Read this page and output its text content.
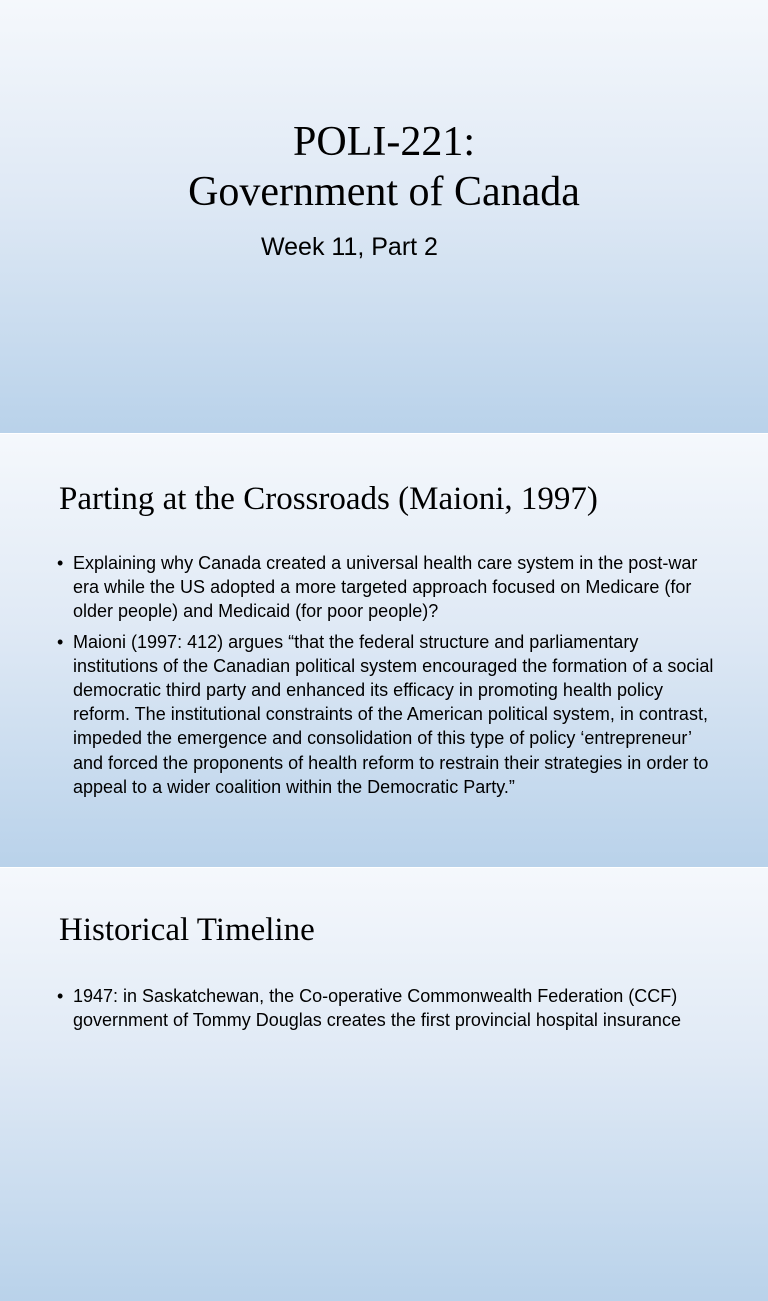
POLI-221:
Government of Canada
Week 11, Part 2
Parting at the Crossroads (Maioni, 1997)
• Explaining why Canada created a universal health care system in the post-war era while the US adopted a more targeted approach focused on Medicare (for older people) and Medicaid (for poor people)?
• Maioni (1997: 412) argues “that the federal structure and parliamentary institutions of the Canadian political system encouraged the formation of a social democratic third party and enhanced its efficacy in promoting health policy reform. The institutional constraints of the American political system, in contrast, impeded the emergence and consolidation of this type of policy ‘entrepreneur’ and forced the proponents of health reform to restrain their strategies in order to appeal to a wider coalition within the Democratic Party.”
Historical Timeline
• 1947: in Saskatchewan, the Co-operative Commonwealth Federation (CCF) government of Tommy Douglas creates the first provincial hospital insurance
